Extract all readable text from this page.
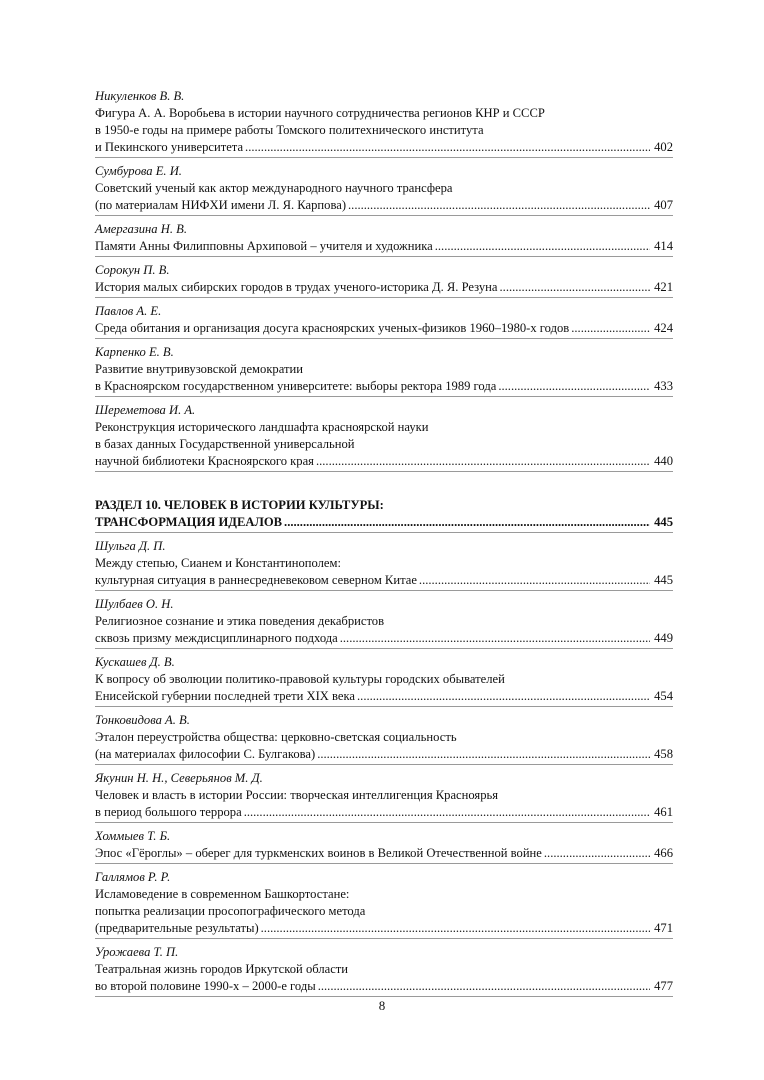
Никуленков В. В.
Фигура А. А. Воробьева в истории научного сотрудничества регионов КНР и СССР
в 1950-е годы на примере работы Томского политехнического института
и Пекинского университета .....	402
Сумбурова Е. И.
Советский ученый как актор международного научного трансфера
(по материалам НИФХИ имени Л. Я. Карпова) .....	407
Амергазина Н. В.
Памяти Анны Филипповны Архиповой – учителя и художника .....	414
Сорокун П. В.
История малых сибирских городов в трудах ученого-историка Д. Я. Резуна .....	421
Павлов А. Е.
Среда обитания и организация досуга красноярских ученых-физиков 1960–1980-х годов .....	424
Карпенко Е. В.
Развитие внутривузовской демократии
в Красноярском государственном университете: выборы ректора 1989 года .....	433
Шереметова И. А.
Реконструкция исторического ландшафта красноярской науки
в базах данных Государственной универсальной
научной библиотеки Красноярского края .....	440
РАЗДЕЛ 10. ЧЕЛОВЕК В ИСТОРИИ КУЛЬТУРЫ:
ТРАНСФОРМАЦИЯ ИДЕАЛОВ .....	445
Шульга Д. П.
Между степью, Сианем и Константинополем:
культурная ситуация в раннесредневековом северном Китае .....	445
Шулбаев О. Н.
Религиозное сознание и этика поведения декабристов
сквозь призму междисциплинарного подхода .....	449
Кускашев Д. В.
К вопросу об эволюции политико-правовой культуры городских обывателей
Енисейской губернии последней трети XIX века .....	454
Тонковидова А. В.
Эталон переустройства общества: церковно-светская социальность
(на материалах философии С. Булгакова) .....	458
Якунин Н. Н., Северьянов М. Д.
Человек и власть в истории России: творческая интеллигенция Красноярья
в период большого террора .....	461
Хоммыев Т. Б.
Эпос «Гёроглы» – оберег для туркменских воинов в Великой Отечественной войне .....	466
Галлямов Р. Р.
Исламоведение в современном Башкортостане:
попытка реализации просопографического метода
(предварительные результаты) .....	471
Урожаева Т. П.
Театральная жизнь городов Иркутской области
во второй половине 1990-х – 2000-е годы .....	477
8
